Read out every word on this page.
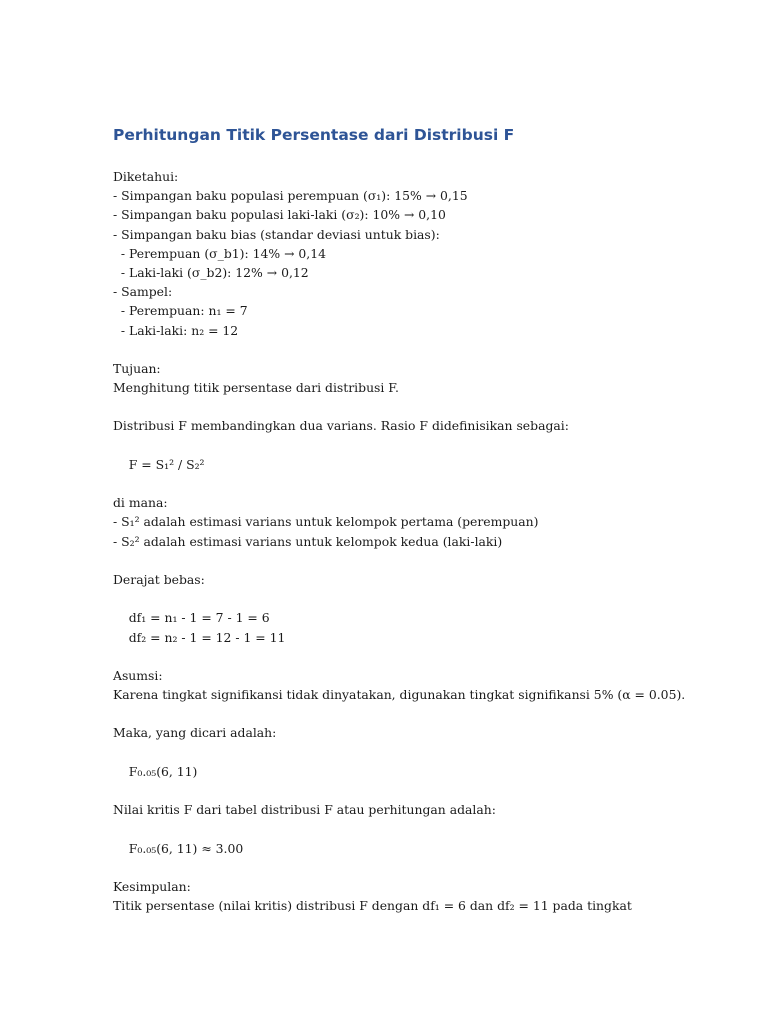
Perhitungan Titik Persentase dari Distribusi F
Diketahui:
- Simpangan baku populasi perempuan (σ₁): 15% → 0,15
- Simpangan baku populasi laki-laki (σ₂): 10% → 0,10
- Simpangan baku bias (standar deviasi untuk bias):
- Perempuan (σ_b1): 14% → 0,14
- Laki-laki (σ_b2): 12% → 0,12
- Sampel:
- Perempuan: n₁ = 7
- Laki-laki: n₂ = 12
Tujuan:
Menghitung titik persentase dari distribusi F.
Distribusi F membandingkan dua varians. Rasio F didefinisikan sebagai:
F = S₁² / S₂²
di mana:
- S₁² adalah estimasi varians untuk kelompok pertama (perempuan)
- S₂² adalah estimasi varians untuk kelompok kedua (laki-laki)
Derajat bebas:
df₁ = n₁ - 1 = 7 - 1 = 6
df₂ = n₂ - 1 = 12 - 1 = 11
Asumsi:
Karena tingkat signifikansi tidak dinyatakan, digunakan tingkat signifikansi 5% (α = 0.05).
Maka, yang dicari adalah:
F₀.₀₅(6, 11)
Nilai kritis F dari tabel distribusi F atau perhitungan adalah:
F₀.₀₅(6, 11) ≈ 3.00
Kesimpulan:
Titik persentase (nilai kritis) distribusi F dengan df₁ = 6 dan df₂ = 11 pada tingkat
